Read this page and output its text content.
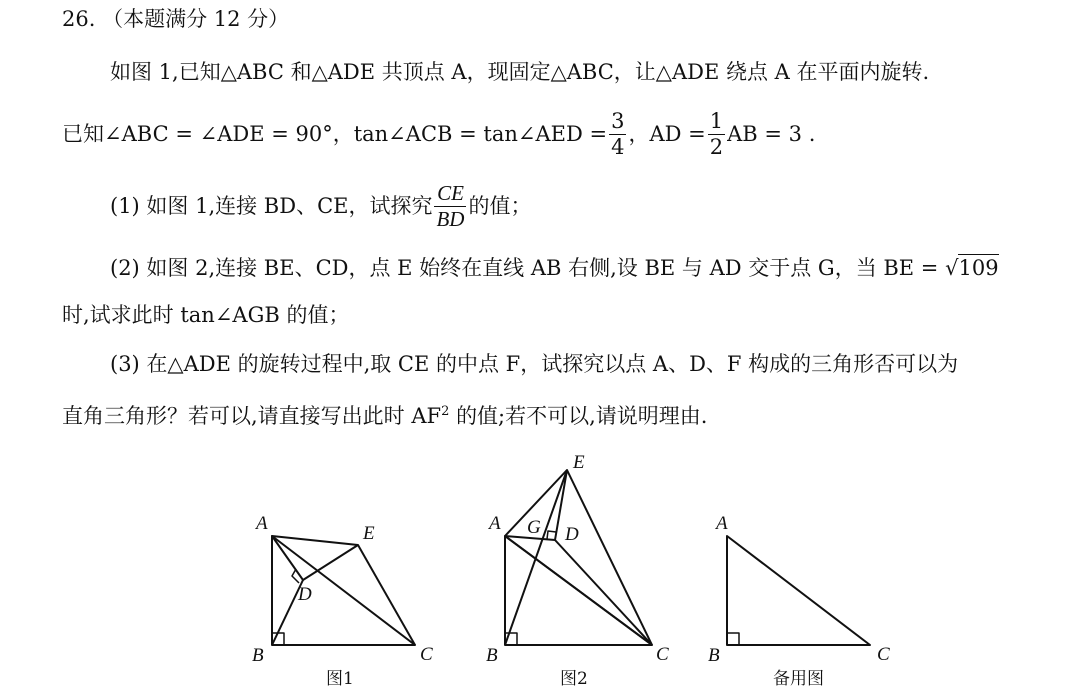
26. （本题满分 12 分）
如图 1,已知△ABC 和△ADE 共顶点 A，现固定△ABC，让△ADE 绕点 A 在平面内旋转.
已知∠ABC = ∠ADE = 90°，tan∠ACB = tan∠AED = $\frac{3}{4}$ ，AD = $\frac{1}{2}$ AB = 3 .
(1) 如图 1,连接 BD、CE，试探究 $\frac{CE}{BD}$ 的值；
(2) 如图 2,连接 BE、CD，点 E 始终在直线 AB 右侧,设 BE 与 AD 交于点 G，当 BE = √109
时,试求此时 tan∠AGB 的值；
(3) 在△ADE 的旋转过程中,取 CE 的中点 F，试探究以点 A、D、F 构成的三角形否可以为
直角三角形？若可以,请直接写出此时 $AF^2$ 的值;若不可以,请说明理由.
A
B	C
D
E
图1
A
B	C
D
E
G
图2
A
B	C
备用图
